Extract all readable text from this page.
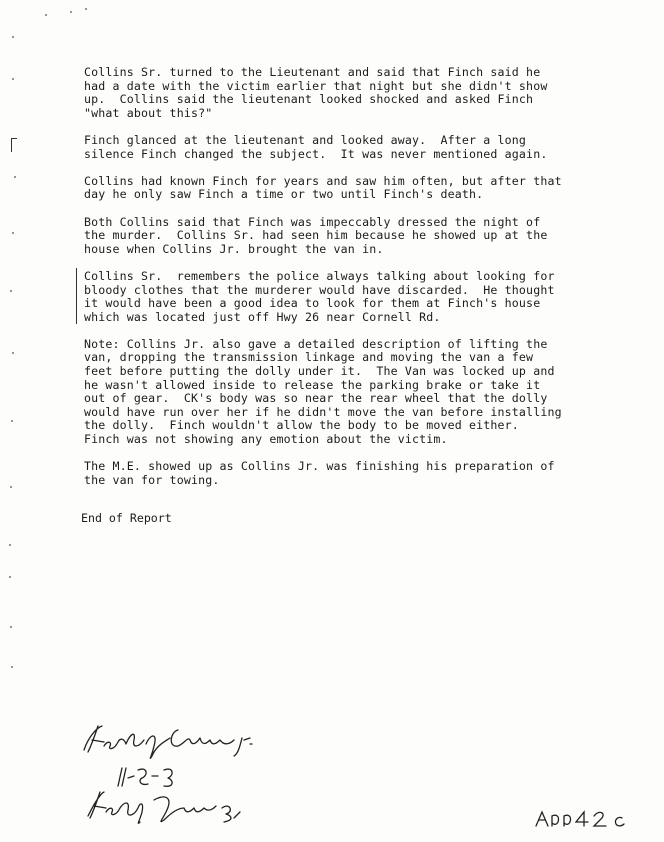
Collins Sr. turned to the Lieutenant and said that Finch said he
had a date with the victim earlier that night but she didn't show
up.  Collins said the lieutenant looked shocked and asked Finch
"what about this?"
Finch glanced at the lieutenant and looked away.  After a long
silence Finch changed the subject.  It was never mentioned again.
Collins had known Finch for years and saw him often, but after that
day he only saw Finch a time or two until Finch's death.
Both Collins said that Finch was impeccably dressed the night of
the murder.  Collins Sr. had seen him because he showed up at the
house when Collins Jr. brought the van in.
Collins Sr.  remembers the police always talking about looking for
bloody clothes that the murderer would have discarded.  He thought
it would have been a good idea to look for them at Finch's house
which was located just off Hwy 26 near Cornell Rd.
Note: Collins Jr. also gave a detailed description of lifting the
van, dropping the transmission linkage and moving the van a few
feet before putting the dolly under it.  The Van was locked up and
he wasn't allowed inside to release the parking brake or take it
out of gear.  CK's body was so near the rear wheel that the dolly
would have run over her if he didn't move the van before installing
the dolly.  Finch wouldn't allow the body to be moved either.
Finch was not showing any emotion about the victim.
The M.E. showed up as Collins Jr. was finishing his preparation of
the van for towing.
End of Report
